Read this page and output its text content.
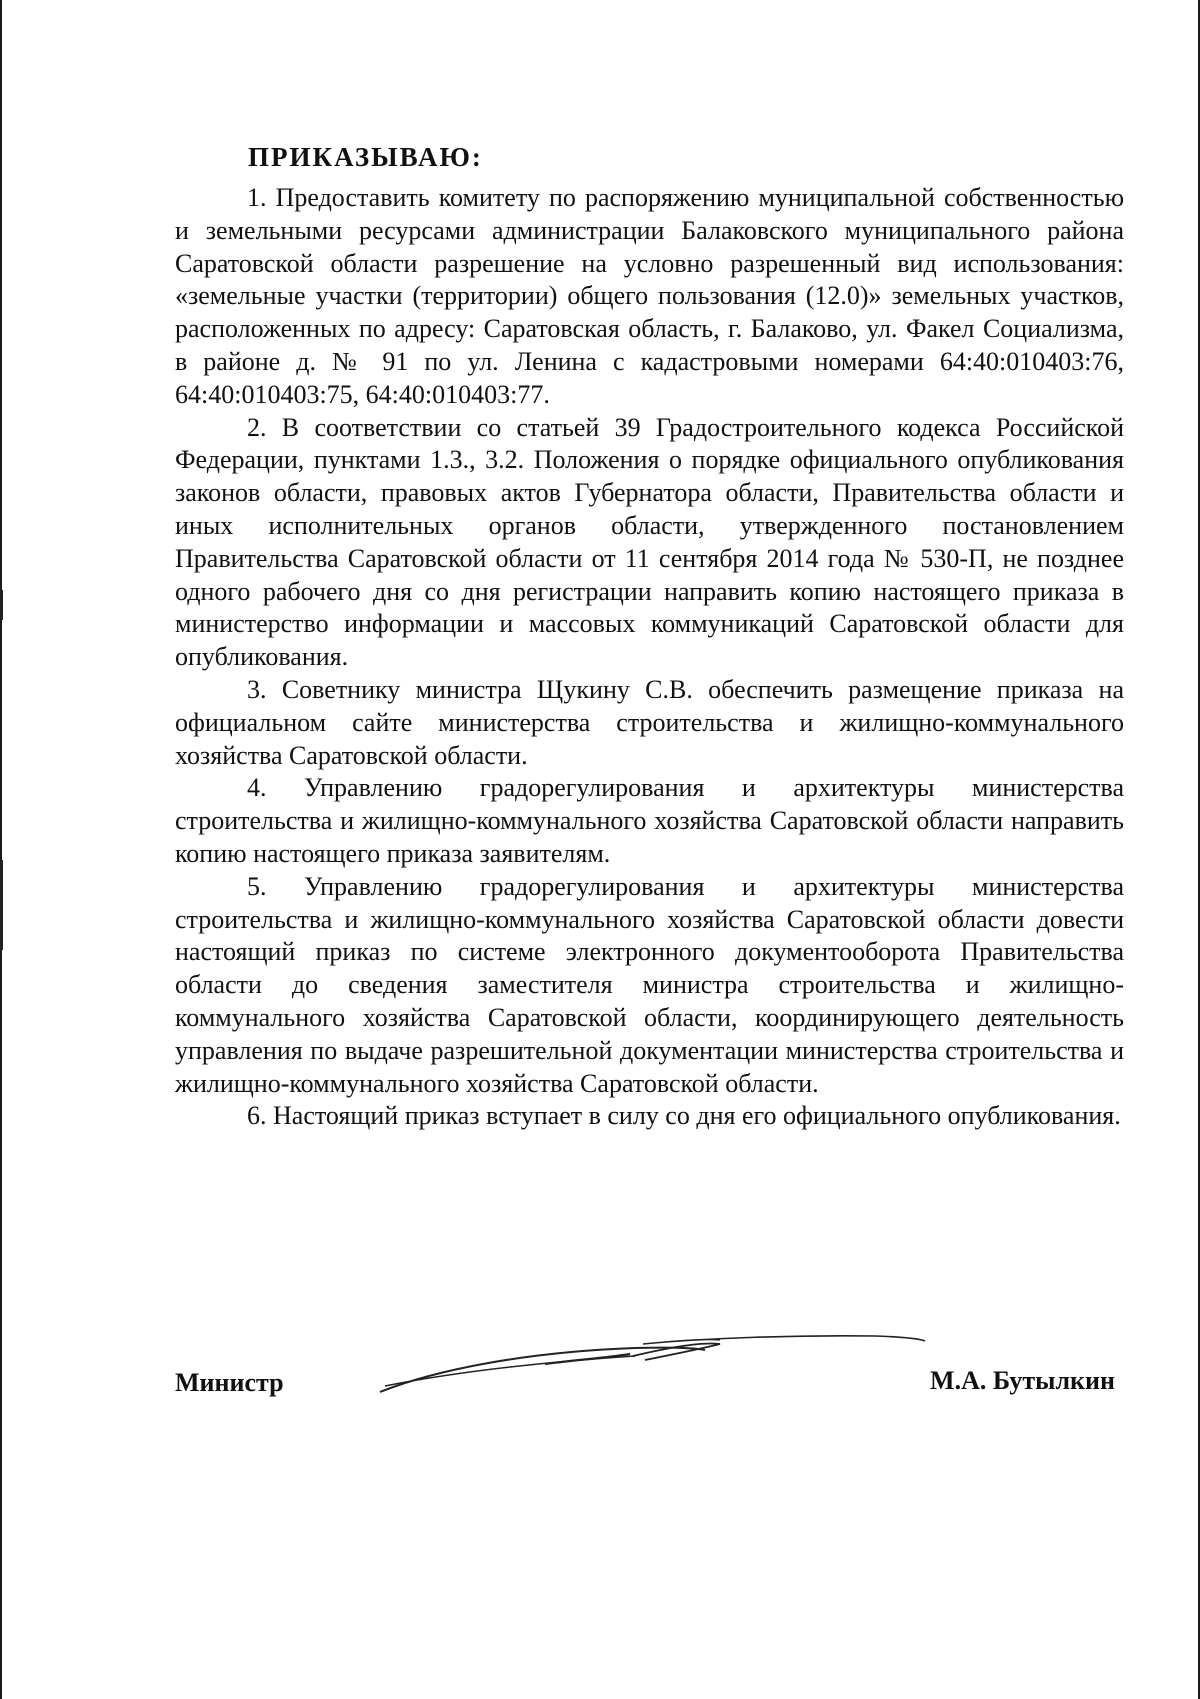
ПРИКАЗЫВАЮ:

1. Предоставить комитету по распоряжению муниципальной собственностью и земельными ресурсами администрации Балаковского муниципального района Саратовской области разрешение на условно разрешенный вид использования: «земельные участки (территории) общего пользования (12.0)» земельных участков, расположенных по адресу: Саратовская область, г. Балаково, ул. Факел Социализма, в районе д. № 91 по ул. Ленина с кадастровыми номерами 64:40:010403:76, 64:40:010403:75, 64:40:010403:77.

2. В соответствии со статьей 39 Градостроительного кодекса Российской Федерации, пунктами 1.3., 3.2. Положения о порядке официального опубликования законов области, правовых актов Губернатора области, Правительства области и иных исполнительных органов области, утвержденного постановлением Правительства Саратовской области от 11 сентября 2014 года № 530-П, не позднее одного рабочего дня со дня регистрации направить копию настоящего приказа в министерство информации и массовых коммуникаций Саратовской области для опубликования.

3. Советнику министра Щукину С.В. обеспечить размещение приказа на официальном сайте министерства строительства и жилищно-коммунального хозяйства Саратовской области.

4. Управлению градорегулирования и архитектуры министерства строительства и жилищно-коммунального хозяйства Саратовской области направить копию настоящего приказа заявителям.

5. Управлению градорегулирования и архитектуры министерства строительства и жилищно-коммунального хозяйства Саратовской области довести настоящий приказ по системе электронного документооборота Правительства области до сведения заместителя министра строительства и жилищно-коммунального хозяйства Саратовской области, координирующего деятельность управления по выдаче разрешительной документации министерства строительства и жилищно-коммунального хозяйства Саратовской области.

6. Настоящий приказ вступает в силу со дня его официального опубликования.

Министр	М.А. Бутылкин
